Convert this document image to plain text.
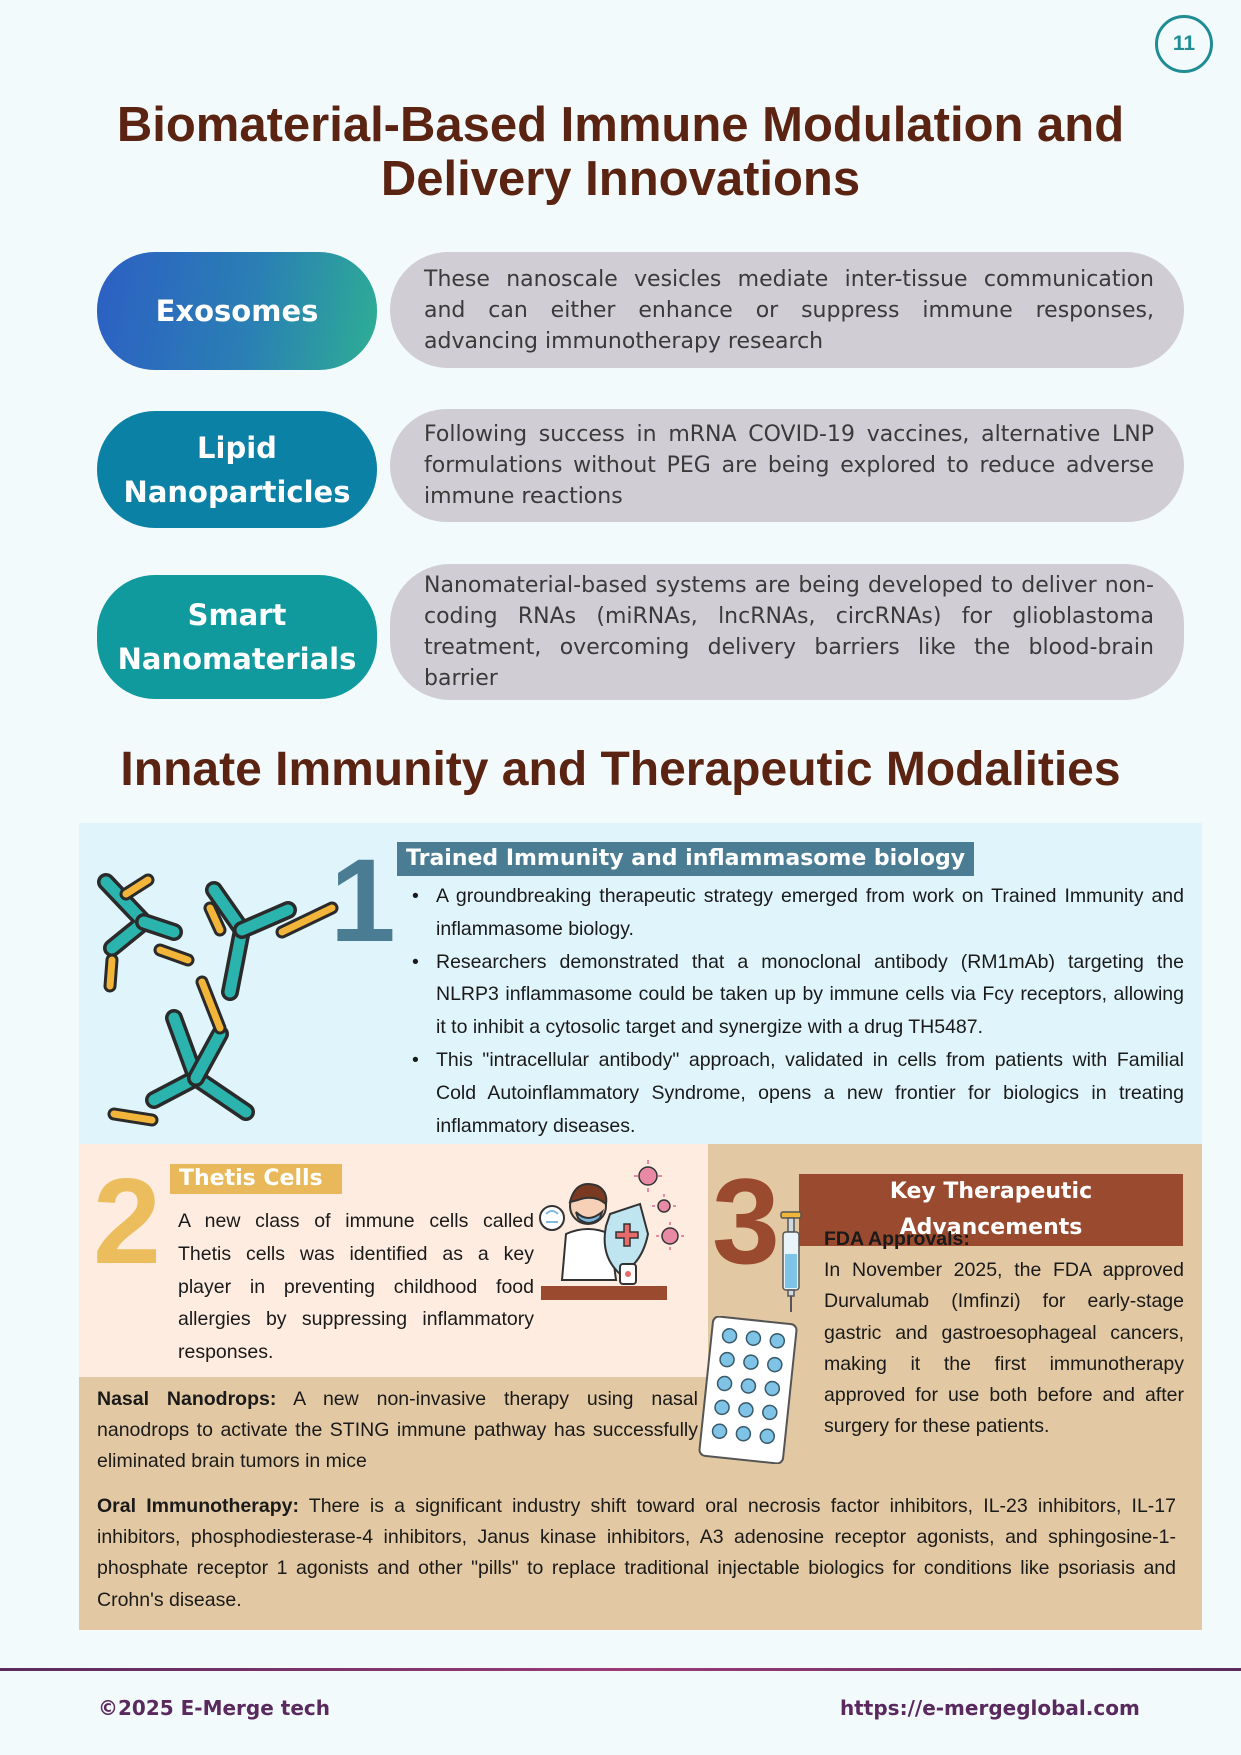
11
Biomaterial-Based Immune Modulation and Delivery Innovations
Exosomes
These nanoscale vesicles mediate inter-tissue communication and can either enhance or suppress immune responses, advancing immunotherapy research
Lipid
Nanoparticles
Following success in mRNA COVID-19 vaccines, alternative LNP formulations without PEG are being explored to reduce adverse immune reactions
Smart
Nanomaterials
Nanomaterial-based systems are being developed to deliver non-coding RNAs (miRNAs, lncRNAs, circRNAs) for glioblastoma treatment, overcoming delivery barriers like the blood-brain barrier
Innate Immunity and Therapeutic Modalities
1 Trained Immunity and inflammasome biology
• A groundbreaking therapeutic strategy emerged from work on Trained Immunity and inflammasome biology.
• Researchers demonstrated that a monoclonal antibody (RM1mAb) targeting the NLRP3 inflammasome could be taken up by immune cells via Fcy receptors, allowing it to inhibit a cytosolic target and synergize with a drug TH5487.
• This "intracellular antibody" approach, validated in cells from patients with Familial Cold Autoinflammatory Syndrome, opens a new frontier for biologics in treating inflammatory diseases.
2 Thetis Cells
A new class of immune cells called Thetis cells was identified as a key player in preventing childhood food allergies by suppressing inflammatory responses.
3	Key Therapeutic Advancements
FDA Approvals:
In November 2025, the FDA approved Durvalumab (Imfinzi) for early-stage gastric and gastroesophageal cancers, making it the first immunotherapy approved for use both before and after surgery for these patients.
Nasal Nanodrops: A new non-invasive therapy using nasal nanodrops to activate the STING immune pathway has successfully eliminated brain tumors in mice
Oral Immunotherapy: There is a significant industry shift toward oral necrosis factor inhibitors, IL-23 inhibitors, IL-17 inhibitors, phosphodiesterase-4 inhibitors, Janus kinase inhibitors, A3 adenosine receptor agonists, and sphingosine-1-phosphate receptor 1 agonists and other "pills" to replace traditional injectable biologics for conditions like psoriasis and Crohn's disease.
©2025 E-Merge tech	https://e-mergeglobal.com
